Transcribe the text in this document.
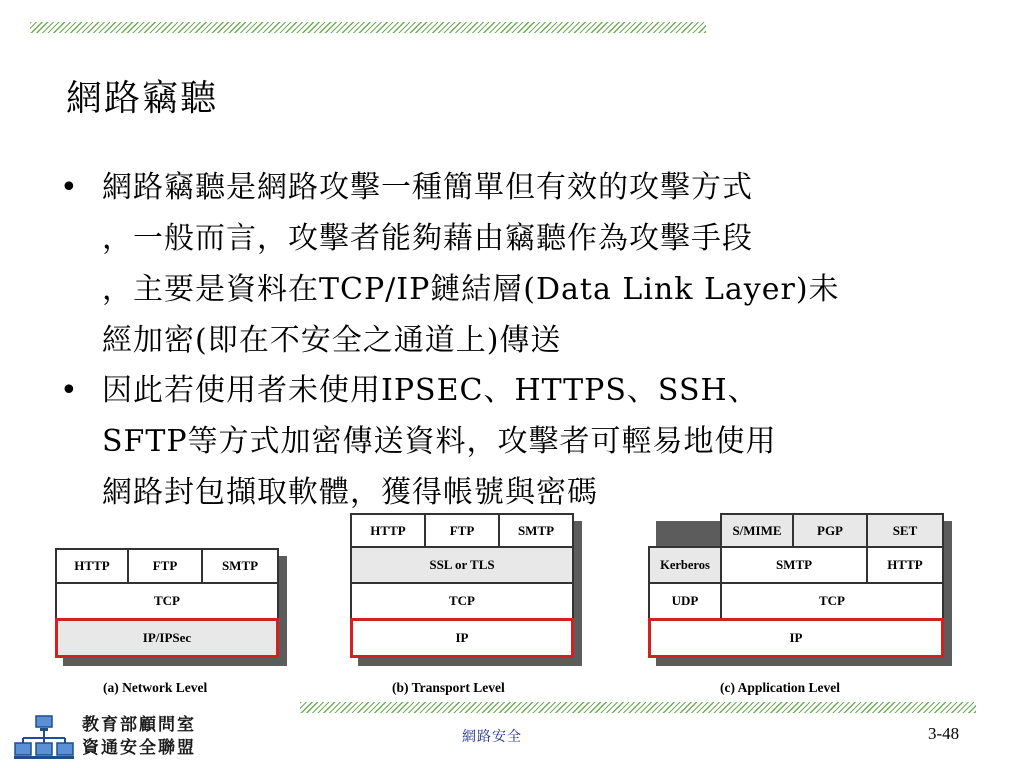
網路竊聽
• 網路竊聽是網路攻擊一種簡單但有效的攻擊方式
，一般而言，攻擊者能夠藉由竊聽作為攻擊手段
，主要是資料在TCP/IP鏈結層(Data Link Layer)未
經加密(即在不安全之通道上)傳送
• 因此若使用者未使用IPSEC、HTTPS、SSH、
SFTP等方式加密傳送資料，攻擊者可輕易地使用
網路封包擷取軟體，獲得帳號與密碼
HTTP	FTP	SMTP
TCP
IP/IPSec
(a) Network Level
HTTP	FTP	SMTP
SSL or TLS
TCP
IP
(b) Transport Level
S/MIME	PGP	SET
Kerberos	SMTP	HTTP
UDP	TCP
IP
(c) Application Level
教育部顧問室
資通安全聯盟
網路安全	3-48
